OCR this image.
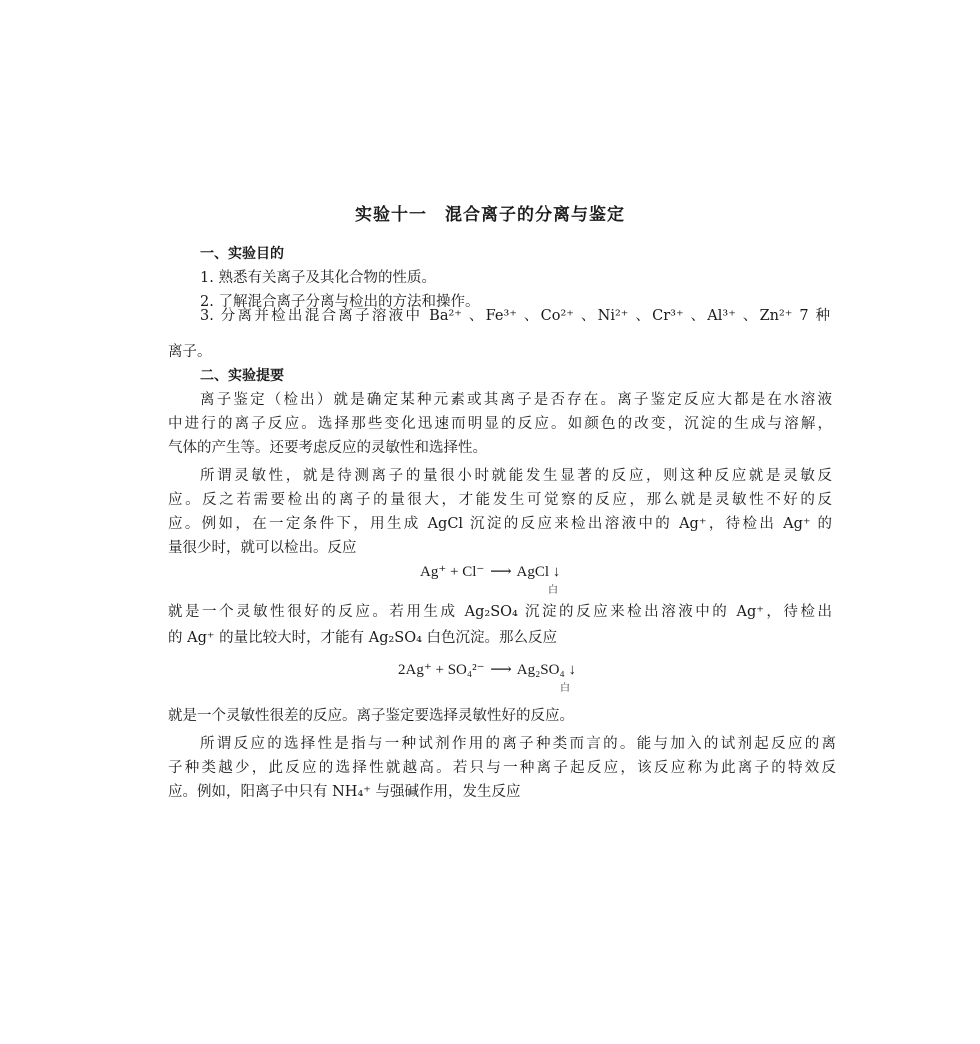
实验十一 混合离子的分离与鉴定
一、实验目的
1. 熟悉有关离子及其化合物的性质。
2. 了解混合离子分离与检出的方法和操作。
3. 分离并检出混合离子溶液中 Ba²⁺ 、Fe³⁺ 、Co²⁺ 、Ni²⁺ 、Cr³⁺ 、Al³⁺ 、Zn²⁺ 7 种
离子。
二、实验提要
离子鉴定（检出）就是确定某种元素或其离子是否存在。离子鉴定反应大都是在水溶液
中进行的离子反应。选择那些变化迅速而明显的反应。如颜色的改变，沉淀的生成与溶解，
气体的产生等。还要考虑反应的灵敏性和选择性。
所谓灵敏性，就是待测离子的量很小时就能发生显著的反应，则这种反应就是灵敏反
应。反之若需要检出的离子的量很大，才能发生可觉察的反应，那么就是灵敏性不好的反
应。例如，在一定条件下，用生成 AgCl 沉淀的反应来检出溶液中的 Ag⁺，待检出 Ag⁺ 的
量很少时，就可以检出。反应
Ag⁺ + Cl⁻ ⟶ AgCl ↓
白
就是一个灵敏性很好的反应。若用生成 Ag₂SO₄ 沉淀的反应来检出溶液中的 Ag⁺，待检出
的 Ag⁺ 的量比较大时，才能有 Ag₂SO₄ 白色沉淀。那么反应
2Ag⁺ + SO₄²⁻ ⟶ Ag₂SO₄ ↓
白
就是一个灵敏性很差的反应。离子鉴定要选择灵敏性好的反应。
所谓反应的选择性是指与一种试剂作用的离子种类而言的。能与加入的试剂起反应的离
子种类越少，此反应的选择性就越高。若只与一种离子起反应，该反应称为此离子的特效反
应。例如，阳离子中只有 NH₄⁺ 与强碱作用，发生反应
